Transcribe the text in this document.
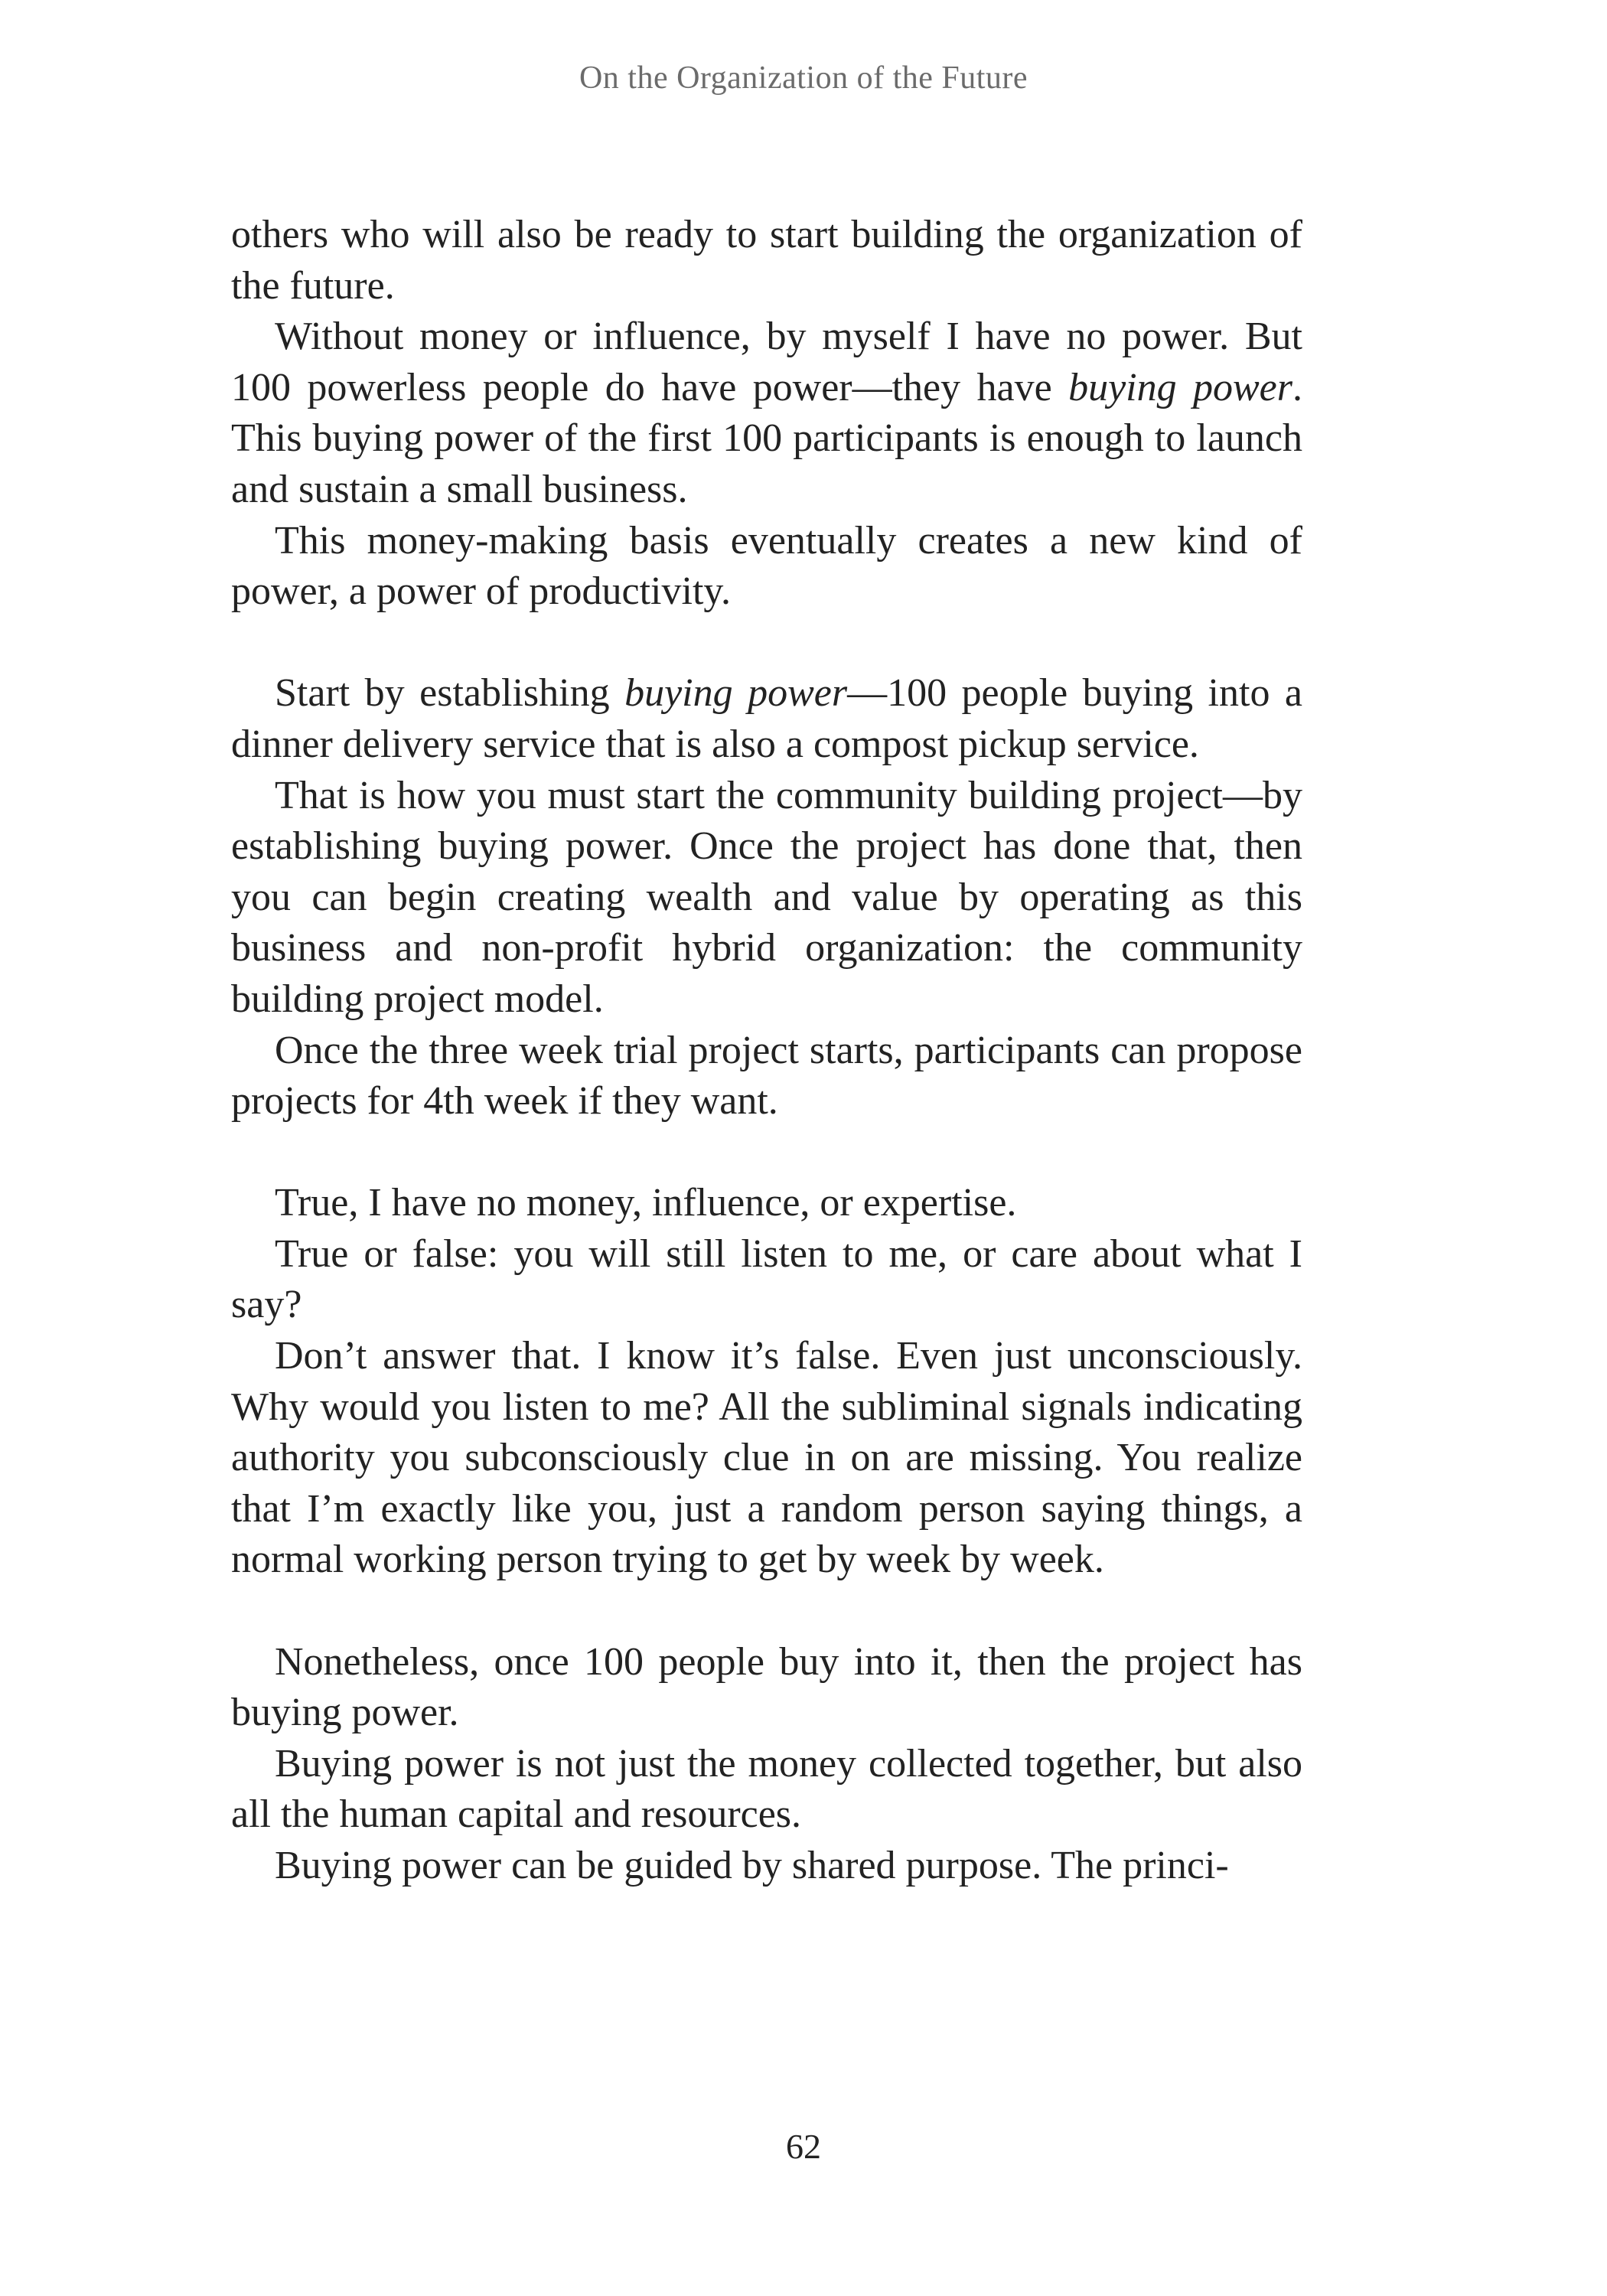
On the Organization of the Future

others who will also be ready to start building the organization of the future.

Without money or influence, by myself I have no power. But 100 powerless people do have power—they have buying power. This buying power of the first 100 participants is enough to launch and sustain a small business.

This money-making basis eventually creates a new kind of power, a power of productivity.

Start by establishing buying power—100 people buying into a dinner delivery service that is also a compost pickup service.

That is how you must start the community building project—by establishing buying power. Once the project has done that, then you can begin creating wealth and value by operating as this business and non-profit hybrid organization: the community building project model.

Once the three week trial project starts, participants can propose projects for 4th week if they want.

True, I have no money, influence, or expertise.

True or false: you will still listen to me, or care about what I say?

Don’t answer that. I know it’s false. Even just unconsciously. Why would you listen to me? All the subliminal signals indicating authority you subconsciously clue in on are missing. You realize that I’m exactly like you, just a random person saying things, a normal working person trying to get by week by week.

Nonetheless, once 100 people buy into it, then the project has buying power.

Buying power is not just the money collected together, but also all the human capital and resources.

Buying power can be guided by shared purpose. The princi-

62
